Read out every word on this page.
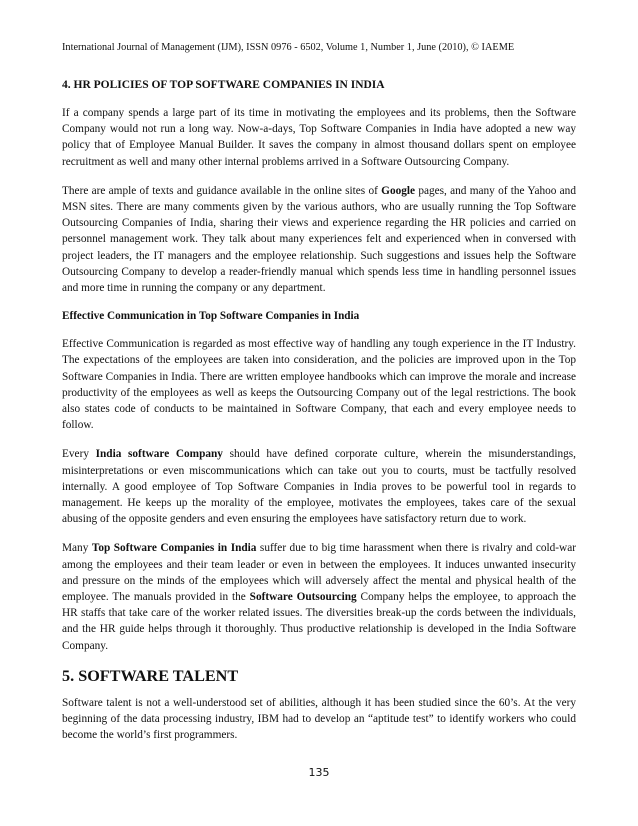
International Journal of Management (IJM), ISSN 0976 - 6502, Volume 1, Number 1, June (2010), © IAEME
4. HR POLICIES OF TOP SOFTWARE COMPANIES IN INDIA

If a company spends a large part of its time in motivating the employees and its problems, then the Software Company would not run a long way. Now-a-days, Top Software Companies in India have adopted a new way policy that of Employee Manual Builder. It saves the company in almost thousand dollars spent on employee recruitment as well and many other internal problems arrived in a Software Outsourcing Company.

There are ample of texts and guidance available in the online sites of Google pages, and many of the Yahoo and MSN sites. There are many comments given by the various authors, who are usually running the Top Software Outsourcing Companies of India, sharing their views and experience regarding the HR policies and carried on personnel management work. They talk about many experiences felt and experienced when in conversed with project leaders, the IT managers and the employee relationship. Such suggestions and issues help the Software Outsourcing Company to develop a reader-friendly manual which spends less time in handling personnel issues and more time in running the company or any department.

Effective Communication in Top Software Companies in India

Effective Communication is regarded as most effective way of handling any tough experience in the IT Industry. The expectations of the employees are taken into consideration, and the policies are improved upon in the Top Software Companies in India. There are written employee handbooks which can improve the morale and increase productivity of the employees as well as keeps the Outsourcing Company out of the legal restrictions. The book also states code of conducts to be maintained in Software Company, that each and every employee needs to follow.

Every India software Company should have defined corporate culture, wherein the misunderstandings, misinterpretations or even miscommunications which can take out you to courts, must be tactfully resolved internally. A good employee of Top Software Companies in India proves to be powerful tool in regards to management. He keeps up the morality of the employee, motivates the employees, takes care of the sexual abusing of the opposite genders and even ensuring the employees have satisfactory return due to work.

Many Top Software Companies in India suffer due to big time harassment when there is rivalry and cold-war among the employees and their team leader or even in between the employees. It induces unwanted insecurity and pressure on the minds of the employees which will adversely affect the mental and physical health of the employee. The manuals provided in the Software Outsourcing Company helps the employee, to approach the HR staffs that take care of the worker related issues. The diversities break-up the cords between the individuals, and the HR guide helps through it thoroughly. Thus productive relationship is developed in the India Software Company.

5. SOFTWARE TALENT

Software talent is not a well-understood set of abilities, although it has been studied since the 60’s. At the very beginning of the data processing industry, IBM had to develop an “aptitude test” to identify workers who could become the world’s first programmers.

135
